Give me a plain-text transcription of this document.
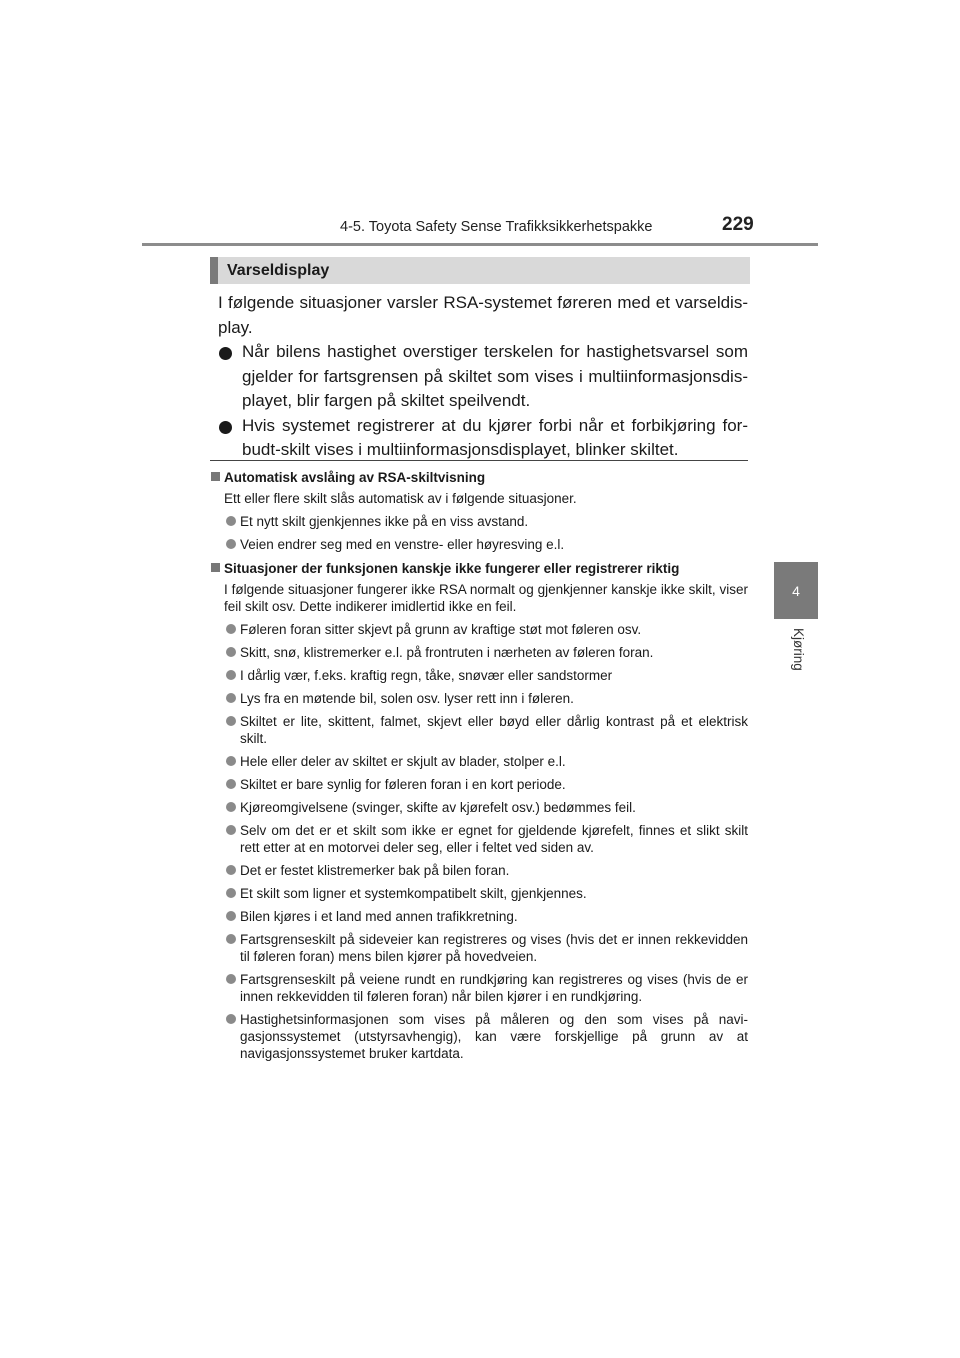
4-5. Toyota Safety Sense Trafikksikkerhetspakke	229
4
Kjøring
Varseldisplay

I følgende situasjoner varsler RSA-systemet føreren med et varseldis-play.

Når bilens hastighet overstiger terskelen for hastighetsvarsel som gjelder for fartsgrensen på skiltet som vises i multiinformasjonsdis-playet, blir fargen på skiltet speilvendt.

Hvis systemet registrerer at du kjører forbi når et forbikjøring for-budt-skilt vises i multiinformasjonsdisplayet, blinker skiltet.

Automatisk avslåing av RSA-skiltvisning

Ett eller flere skilt slås automatisk av i følgende situasjoner.

Et nytt skilt gjenkjennes ikke på en viss avstand.

Veien endrer seg med en venstre- eller høyresving e.l.

Situasjoner der funksjonen kanskje ikke fungerer eller registrerer riktig

I følgende situasjoner fungerer ikke RSA normalt og gjenkjenner kanskje ikke skilt, viser feil skilt osv. Dette indikerer imidlertid ikke en feil.

Føleren foran sitter skjevt på grunn av kraftige støt mot føleren osv.

Skitt, snø, klistremerker e.l. på frontruten i nærheten av føleren foran.

I dårlig vær, f.eks. kraftig regn, tåke, snøvær eller sandstormer

Lys fra en møtende bil, solen osv. lyser rett inn i føleren.

Skiltet er lite, skittent, falmet, skjevt eller bøyd eller dårlig kontrast på et elektrisk skilt.

Hele eller deler av skiltet er skjult av blader, stolper e.l.

Skiltet er bare synlig for føleren foran i en kort periode.

Kjøreomgivelsene (svinger, skifte av kjørefelt osv.) bedømmes feil.

Selv om det er et skilt som ikke er egnet for gjeldende kjørefelt, finnes et slikt skilt rett etter at en motorvei deler seg, eller i feltet ved siden av.

Det er festet klistremerker bak på bilen foran.

Et skilt som ligner et systemkompatibelt skilt, gjenkjennes.

Bilen kjøres i et land med annen trafikkretning.

Fartsgrenseskilt på sideveier kan registreres og vises (hvis det er innen rekkevidden til føleren foran) mens bilen kjører på hovedveien.

Fartsgrenseskilt på veiene rundt en rundkjøring kan registreres og vises (hvis de er innen rekkevidden til føleren foran) når bilen kjører i en rundkjøring.

Hastighetsinformasjonen som vises på måleren og den som vises på navi-gasjonssystemet (utstyrsavhengig), kan være forskjellige på grunn av at navigasjonssystemet bruker kartdata.
